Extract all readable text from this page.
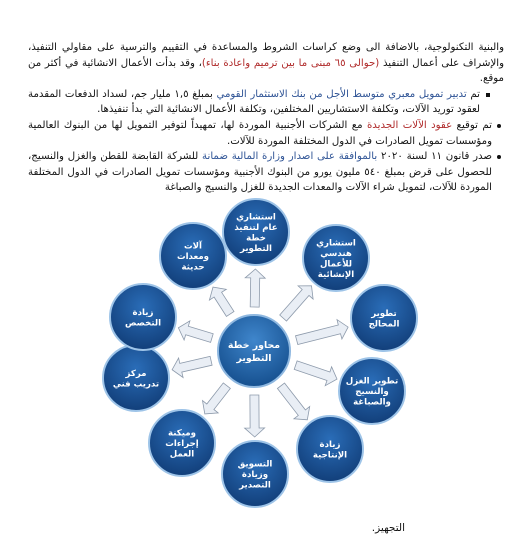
والبنية التكنولوجية، بالاضافة الى وضع كراسات الشروط والمساعدة في التقييم والترسية على مقاولي التنفيذ، والإشراف على أعمال التنفيذ (حوالى ٦٥ مبنى ما بين ترميم واعادة بناء)، وقد بدأت الأعمال الانشائية في أكثر من موقع.

تم تدبير تمويل معبري متوسط الأجل من بنك الاستثمار القومي بمبلغ ١,٥ مليار جم، لسداد الدفعات المقدمة لعقود توريد الآلات، وتكلفة الاستشاريين المختلفين، وتكلفة الأعمال الانشائية التي بدأ تنفيذها.
تم توقيع عقود الآلات الجديدة مع الشركات الأجنبية الموردة لها، تمهيداً لتوفير التمويل لها من البنوك العالمية ومؤسسات تمويل الصادرات في الدول المختلفة الموردة للآلات.
صدر قانون ١١ لسنة ٢٠٢٠ بالموافقة على اصدار وزارة المالية ضمانة للشركة القابضة للقطن والغزل والنسيج، للحصول على قرض بمبلغ ٥٤٠ مليون يورو من البنوك الأجنبية ومؤسسات تمويل الصادرات في الدول المختلفة الموردة للآلات، لتمويل شراء الآلات والمعدات الجديدة للغزل والنسيج والصباغة
استشاري
عام لتنفيذ
خطة
التطوير
استشاري
هندسي
للأعمال
الإنشائية
تطوير
المحالج
تطوير الغزل
والنسيج
والصباغة
زيادة
الإنتاجية
التسويق
وزيادة
التصدير
وميكنة
إجراءات
العمل
مركز
تدريب فني
زيادة
التخصص
آلات
ومعدات
حديثة
محاور خطة
التطوير
التجهيز.
